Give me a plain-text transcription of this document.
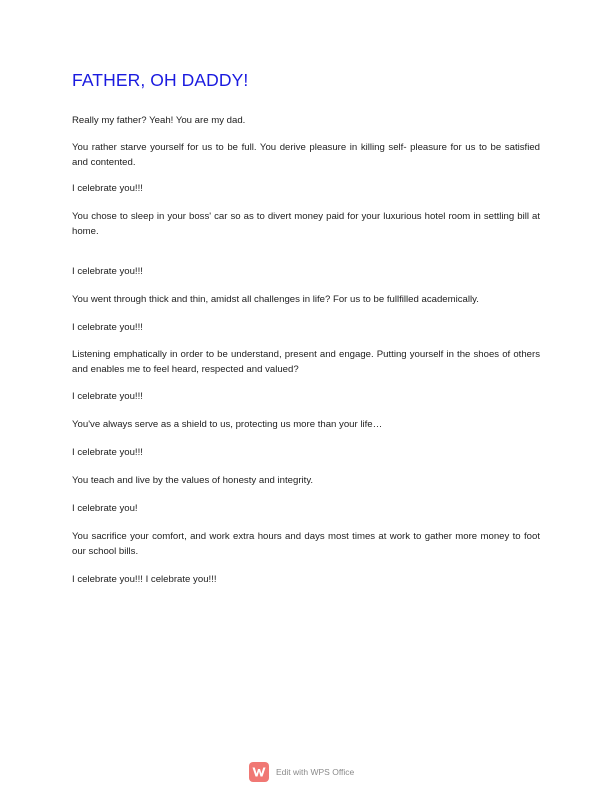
FATHER, OH DADDY!

Really my father? Yeah! You are my dad.

You rather starve yourself for us to be full. You derive pleasure in killing self- pleasure for us to be satisfied and contented.

I celebrate you!!!

You chose to sleep in your boss' car so as to divert money paid for your luxurious hotel room in settling bill at home.

I celebrate you!!!

You went through thick and thin, amidst all challenges in life? For us to be fullfilled academically.

I celebrate you!!!

Listening emphatically in order to be understand, present and engage. Putting yourself in the shoes of others and enables me to feel heard, respected and valued?

I celebrate you!!!

You've always serve as a shield to us, protecting us more than your life…

I celebrate you!!!

You teach and live by the values of honesty and integrity.

I celebrate you!

You sacrifice your comfort, and work extra hours and days most times at work to gather more money to foot our school bills.

I celebrate you!!! I celebrate you!!!

Edit with WPS Office
